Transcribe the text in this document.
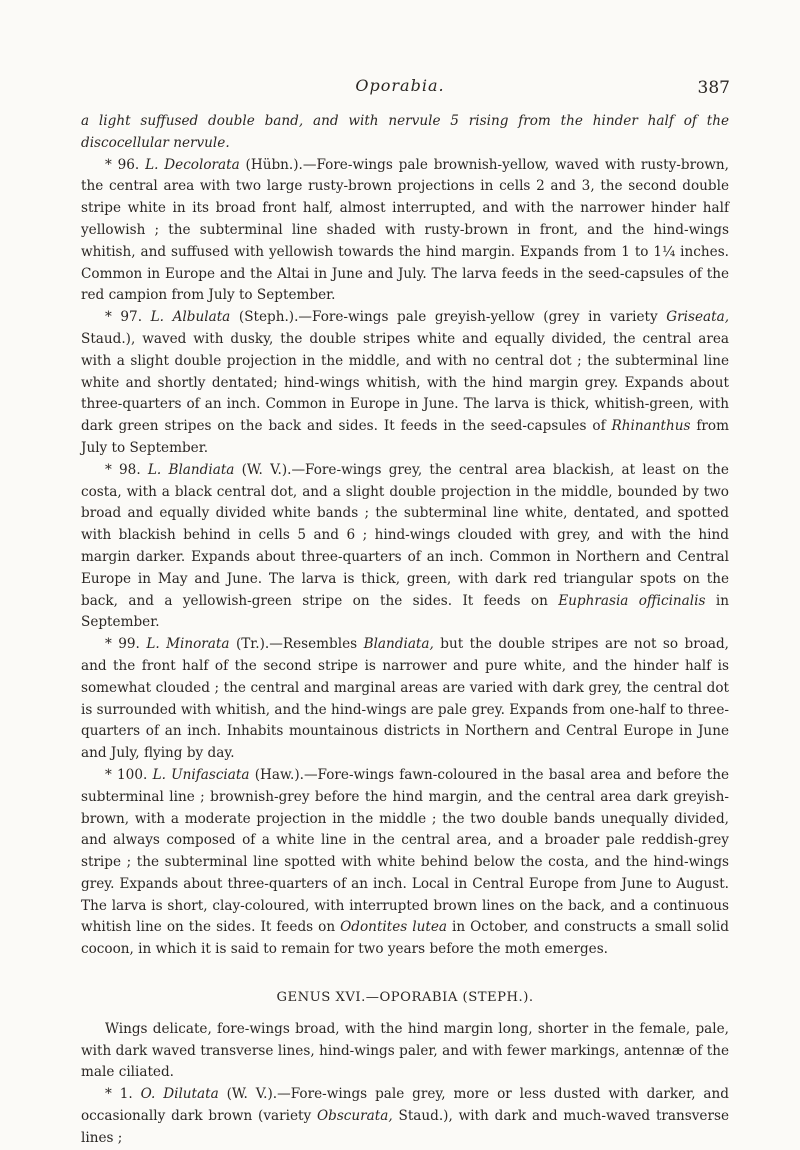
Oporabia.	387

a light suffused double band, and with nervule 5 rising from the hinder half of the discocellular nervule.

* 96. L. Decolorata (Hübn.).—Fore-wings pale brownish-yellow, waved with rusty-brown, the central area with two large rusty-brown projections in cells 2 and 3, the second double stripe white in its broad front half, almost interrupted, and with the narrower hinder half yellowish ; the subterminal line shaded with rusty-brown in front, and the hind-wings whitish, and suffused with yellowish towards the hind margin. Expands from 1 to 1¼ inches. Common in Europe and the Altai in June and July. The larva feeds in the seed-capsules of the red campion from July to September.

* 97. L. Albulata (Steph.).—Fore-wings pale greyish-yellow (grey in variety Griseata, Staud.), waved with dusky, the double stripes white and equally divided, the central area with a slight double projection in the middle, and with no central dot ; the subterminal line white and shortly dentated; hind-wings whitish, with the hind margin grey. Expands about three-quarters of an inch. Common in Europe in June. The larva is thick, whitish-green, with dark green stripes on the back and sides. It feeds in the seed-capsules of Rhinanthus from July to September.

* 98. L. Blandiata (W. V.).—Fore-wings grey, the central area blackish, at least on the costa, with a black central dot, and a slight double projection in the middle, bounded by two broad and equally divided white bands ; the subterminal line white, dentated, and spotted with blackish behind in cells 5 and 6 ; hind-wings clouded with grey, and with the hind margin darker. Expands about three-quarters of an inch. Common in Northern and Central Europe in May and June. The larva is thick, green, with dark red triangular spots on the back, and a yellowish-green stripe on the sides. It feeds on Euphrasia officinalis in September.

* 99. L. Minorata (Tr.).—Resembles Blandiata, but the double stripes are not so broad, and the front half of the second stripe is narrower and pure white, and the hinder half is somewhat clouded ; the central and marginal areas are varied with dark grey, the central dot is surrounded with whitish, and the hind-wings are pale grey. Expands from one-half to three-quarters of an inch. Inhabits mountainous districts in Northern and Central Europe in June and July, flying by day.

* 100. L. Unifasciata (Haw.).—Fore-wings fawn-coloured in the basal area and before the subterminal line ; brownish-grey before the hind margin, and the central area dark greyish-brown, with a moderate projection in the middle ; the two double bands unequally divided, and always composed of a white line in the central area, and a broader pale reddish-grey stripe ; the subterminal line spotted with white behind below the costa, and the hind-wings grey. Expands about three-quarters of an inch. Local in Central Europe from June to August. The larva is short, clay-coloured, with interrupted brown lines on the back, and a continuous whitish line on the sides. It feeds on Odontites lutea in October, and constructs a small solid cocoon, in which it is said to remain for two years before the moth emerges.

GENUS XVI.—OPORABIA (STEPH.).

Wings delicate, fore-wings broad, with the hind margin long, shorter in the female, pale, with dark waved transverse lines, hind-wings paler, and with fewer markings, antennæ of the male ciliated.

* 1. O. Dilutata (W. V.).—Fore-wings pale grey, more or less dusted with darker, and occasionally dark brown (variety Obscurata, Staud.), with dark and much-waved transverse lines ;
